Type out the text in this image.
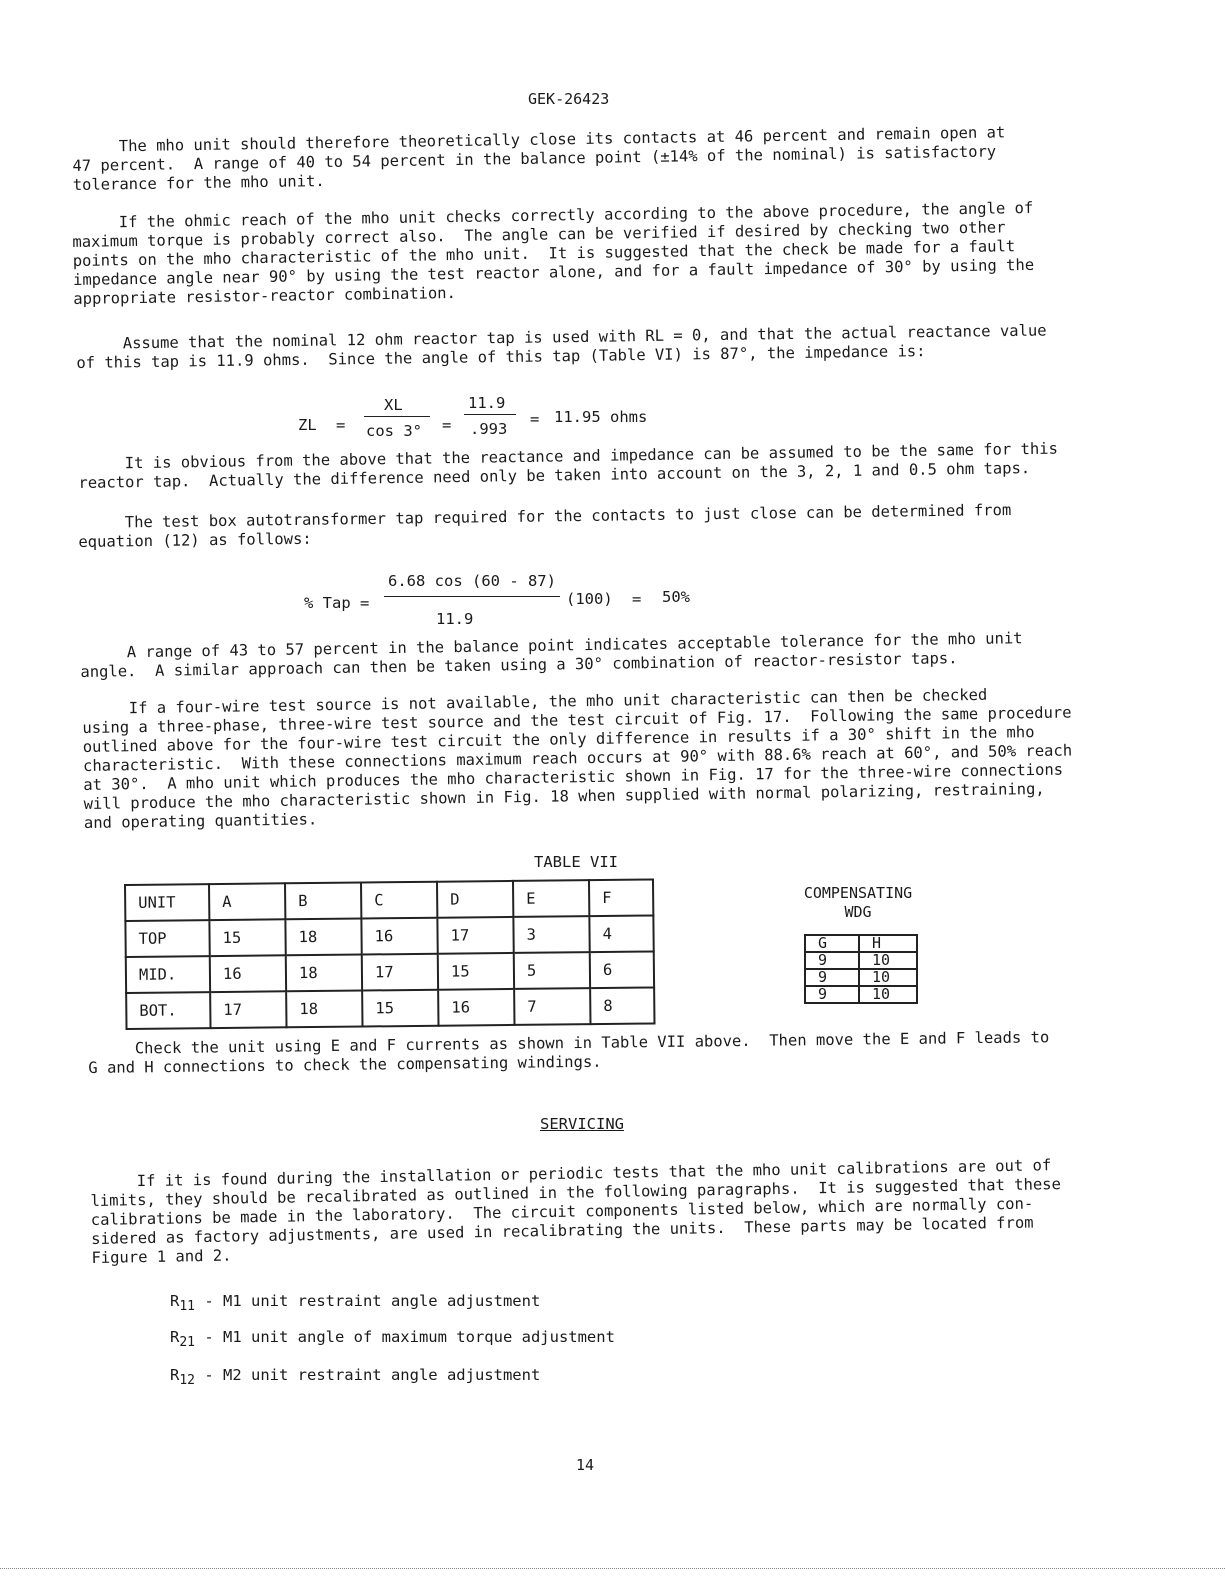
GEK-26423
The mho unit should therefore theoretically close its contacts at 46 percent and remain open at
47 percent.  A range of 40 to 54 percent in the balance point (±14% of the nominal) is satisfactory
tolerance for the mho unit.
If the ohmic reach of the mho unit checks correctly according to the above procedure, the angle of
maximum torque is probably correct also.  The angle can be verified if desired by checking two other
points on the mho characteristic of the mho unit.  It is suggested that the check be made for a fault
impedance angle near 90° by using the test reactor alone, and for a fault impedance of 30° by using the
appropriate resistor-reactor combination.
Assume that the nominal 12 ohm reactor tap is used with RL = 0, and that the actual reactance value
of this tap is 11.9 ohms.  Since the angle of this tap (Table VI) is 87°, the impedance is:
ZL =
XL
cos 3° =
11.9
.993
= 11.95 ohms
It is obvious from the above that the reactance and impedance can be assumed to be the same for this
reactor tap.  Actually the difference need only be taken into account on the 3, 2, 1 and 0.5 ohm taps.
The test box autotransformer tap required for the contacts to just close can be determined from
equation (12) as follows:
% Tap =
6.68 cos (60 - 87)
11.9
(100) = 50%
A range of 43 to 57 percent in the balance point indicates acceptable tolerance for the mho unit
angle.  A similar approach can then be taken using a 30° combination of reactor-resistor taps.
If a four-wire test source is not available, the mho unit characteristic can then be checked
using a three-phase, three-wire test source and the test circuit of Fig. 17.  Following the same procedure
outlined above for the four-wire test circuit the only difference in results if a 30° shift in the mho
characteristic.  With these connections maximum reach occurs at 90° with 88.6% reach at 60°, and 50% reach
at 30°.  A mho unit which produces the mho characteristic shown in Fig. 17 for the three-wire connections
will produce the mho characteristic shown in Fig. 18 when supplied with normal polarizing, restraining,
and operating quantities.
TABLE VII
UNIT	A	B	C	D	E	F
TOP	15	18	16	17	3	4
MID.	16	18	17	15	5	6
BOT.	17	18	15	16	7	8
COMPENSATING
WDG
G	H
9	10
9	10
9	10
Check the unit using E and F currents as shown in Table VII above.  Then move the E and F leads to
G and H connections to check the compensating windings.
SERVICING
If it is found during the installation or periodic tests that the mho unit calibrations are out of
limits, they should be recalibrated as outlined in the following paragraphs.  It is suggested that these
calibrations be made in the laboratory.  The circuit components listed below, which are normally con-
sidered as factory adjustments, are used in recalibrating the units.  These parts may be located from
Figure 1 and 2.
$R_{11} - M1$ unit restraint angle adjustment
$R_{21} - M1$ unit angle of maximum torque adjustment
$R_{12} - M2$ unit restraint angle adjustment
14
